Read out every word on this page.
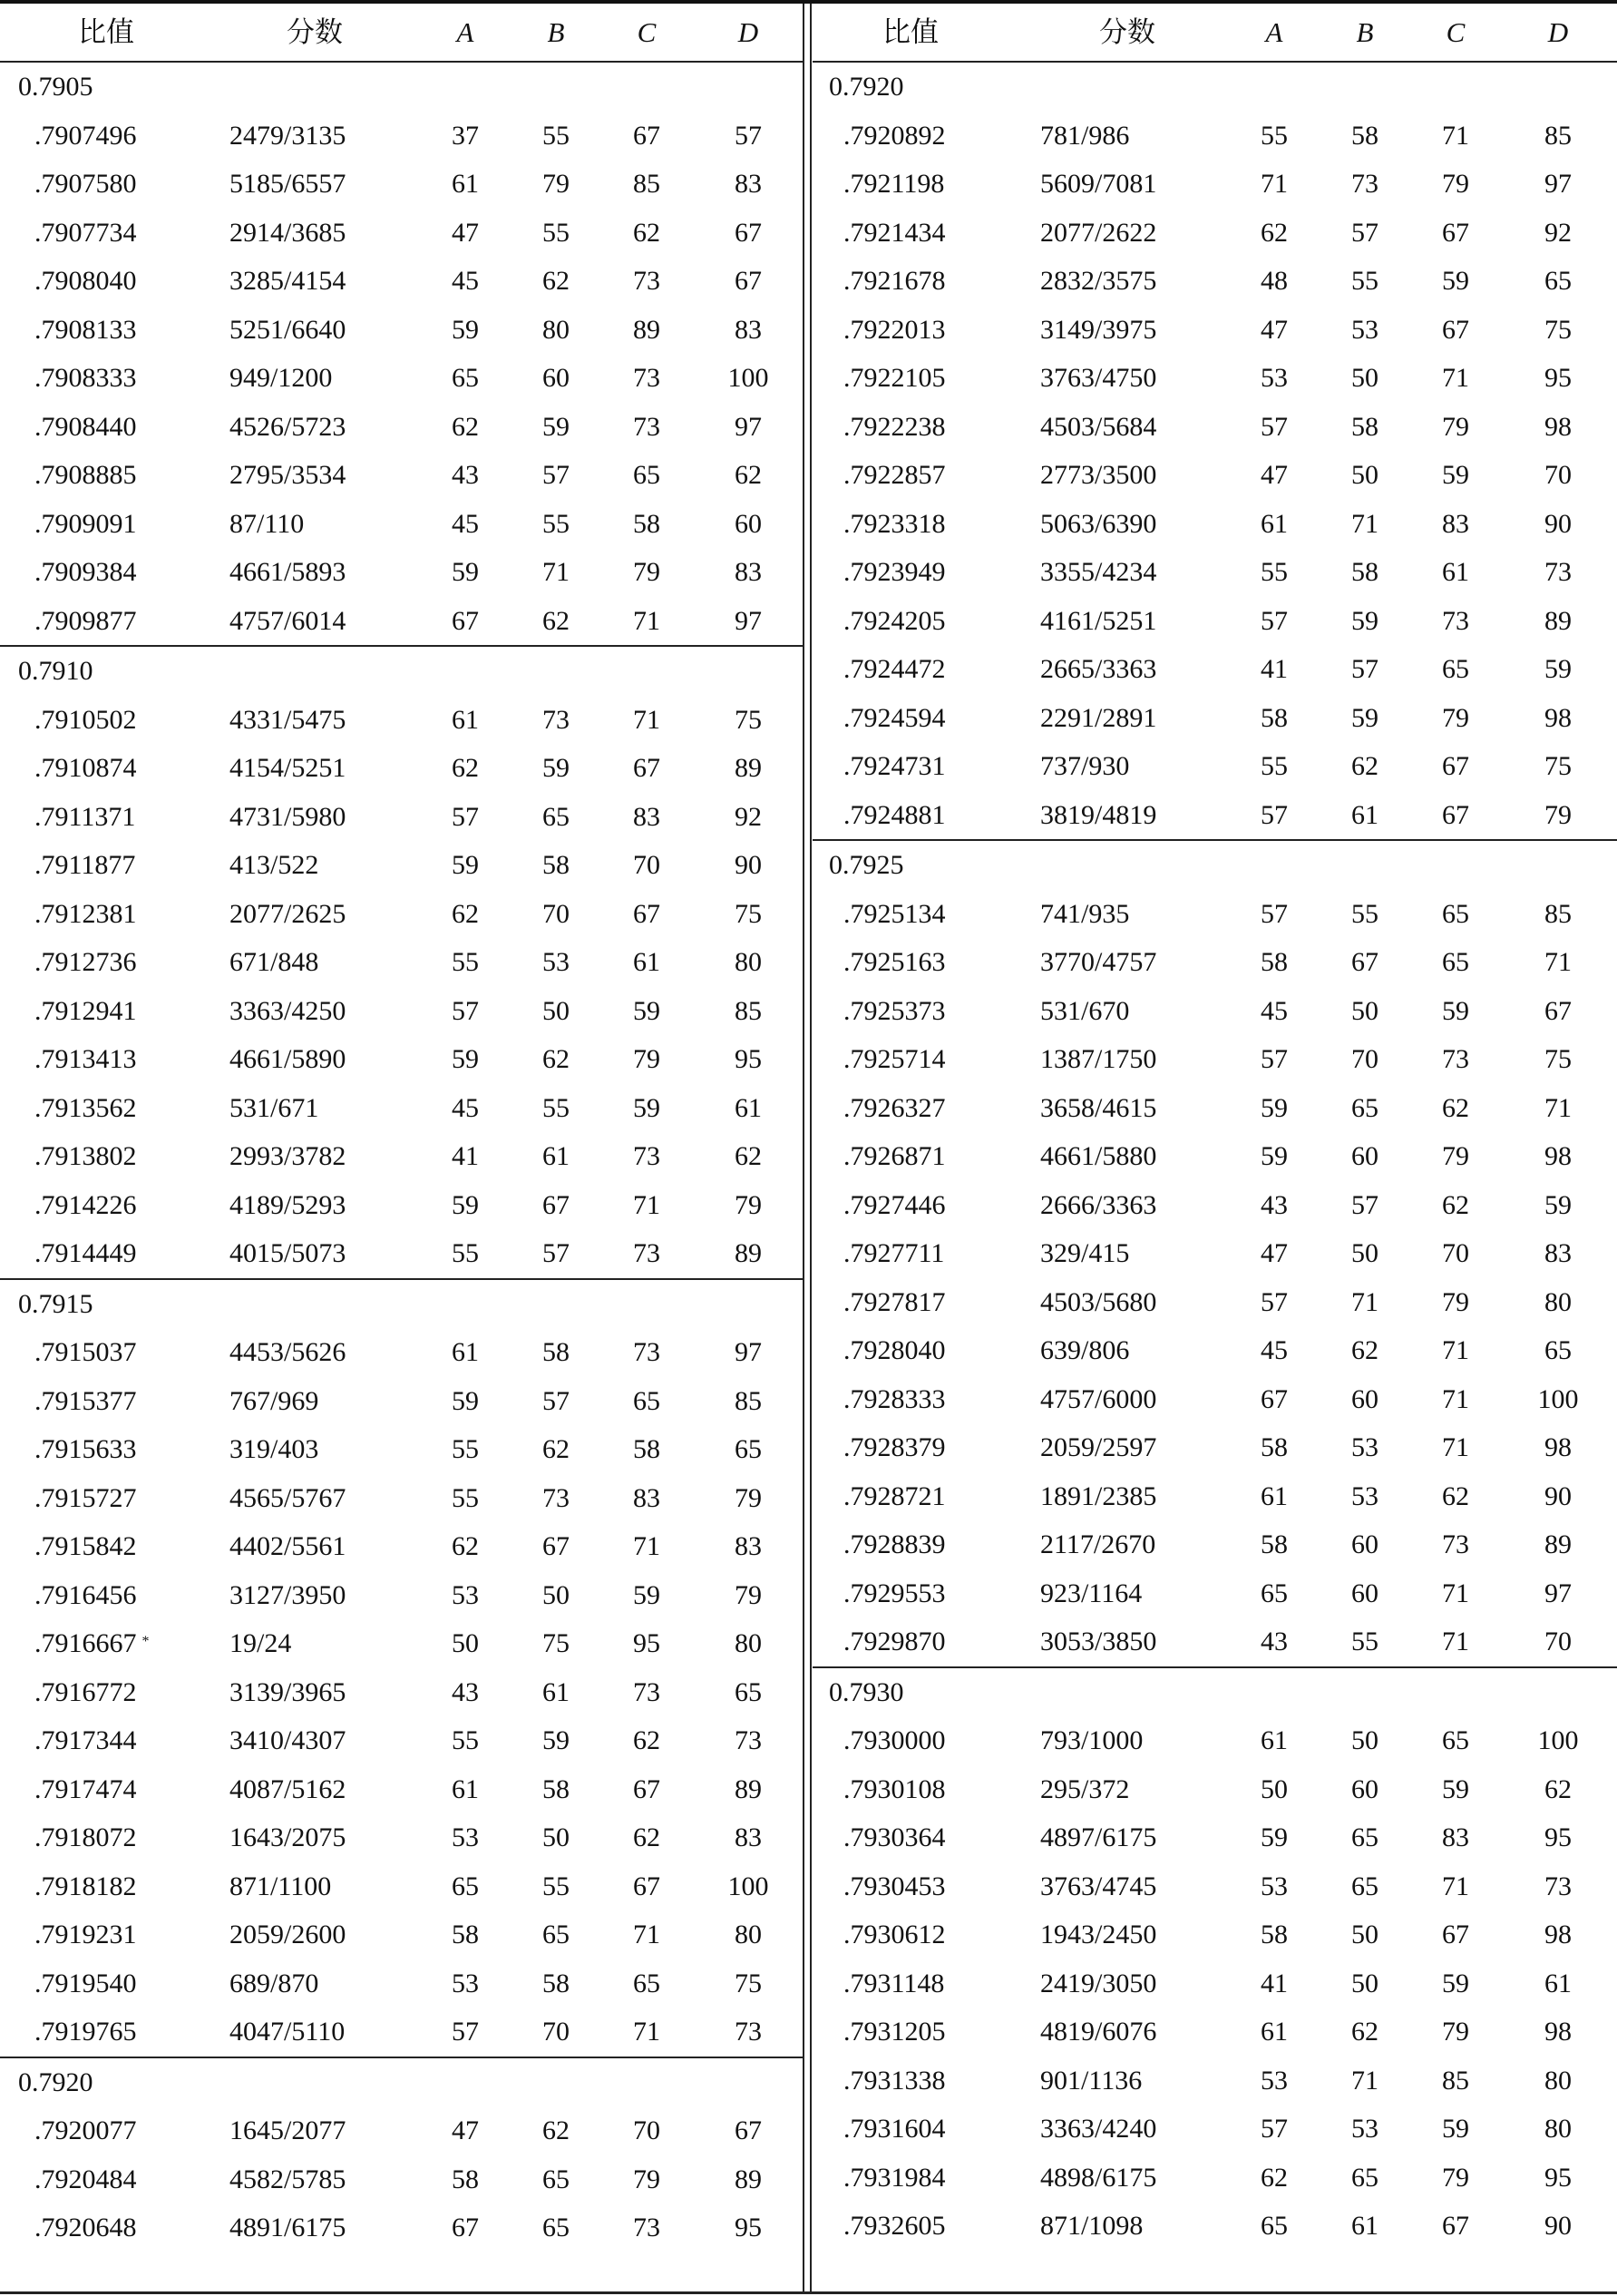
比值	分数	A	B	C	D
0.7905
.7907496	2479/3135	37 55 67	57
.7907580	5185/6557	61 79 85	83
.7907734	2914/3685	47 55 62	67
.7908040	3285/4154	45 62 73	67
.7908133	5251/6640	59 80 89	83
.7908333	949/1200	65 60 73 100
.7908440	4526/5723	62 59 73	97
.7908885	2795/3534	43 57 65	62
.7909091	87/110	45 55 58	60
.7909384	4661/5893	59 71 79	83
.7909877	4757/6014	67 62 71	97
0.7910
.7910502	4331/5475	61 73 71	75
.7910874	4154/5251	62 59 67	89
.7911371	4731/5980	57 65 83	92
.7911877	413/522	59 58 70	90
.7912381	2077/2625	62 70 67	75
.7912736	671/848	55 53 61	80
.7912941	3363/4250	57 50 59	85
.7913413	4661/5890	59 62 79	95
.7913562	531/671	45 55 59	61
.7913802	2993/3782	41 61 73	62
.7914226	4189/5293	59 67 71	79
.7914449	4015/5073	55 57 73	89
0.7915
.7915037	4453/5626	61 58 73	97
.7915377	767/969	59 57 65	85
.7915633	319/403	55 62 58	65
.7915727	4565/5767	55 73 83	79
.7915842	4402/5561	62 67 71	83
.7916456	3127/3950	53 50 59	79
.7916667 *	19/24	50 75 95	80
.7916772	3139/3965	43 61 73	65
.7917344	3410/4307	55 59 62	73
.7917474	4087/5162	61 58 67	89
.7918072	1643/2075	53 50 62	83
.7918182	871/1100	65 55 67 100
.7919231	2059/2600	58 65 71	80
.7919540	689/870	53 58 65	75
.7919765	4047/5110	57 70 71	73
0.7920
.7920077	1645/2077	47 62 70	67
.7920484	4582/5785	58 65 79	89
.7920648	4891/6175	67 65 73	95
比值	分数	A	B	C	D
0.7920
.7920892	781/986	55 58 71	85
.7921198	5609/7081	71 73 79	97
.7921434	2077/2622	62 57 67	92
.7921678	2832/3575	48 55 59	65
.7922013	3149/3975	47 53 67	75
.7922105	3763/4750	53 50 71	95
.7922238	4503/5684	57 58 79	98
.7922857	2773/3500	47 50 59	70
.7923318	5063/6390	61 71 83	90
.7923949	3355/4234	55 58 61	73
.7924205	4161/5251	57 59 73	89
.7924472	2665/3363	41 57 65	59
.7924594	2291/2891	58 59 79	98
.7924731	737/930	55 62 67	75
.7924881	3819/4819	57 61 67	79
0.7925
.7925134	741/935	57 55 65	85
.7925163	3770/4757	58 67 65	71
.7925373	531/670	45 50 59	67
.7925714	1387/1750	57 70 73	75
.7926327	3658/4615	59 65 62	71
.7926871	4661/5880	59 60 79	98
.7927446	2666/3363	43 57 62	59
.7927711	329/415	47 50 70	83
.7927817	4503/5680	57 71 79	80
.7928040	639/806	45 62 71	65
.7928333	4757/6000	67 60 71	100
.7928379	2059/2597	58 53 71	98
.7928721	1891/2385	61 53 62	90
.7928839	2117/2670	58 60 73	89
.7929553	923/1164	65 60 71	97
.7929870	3053/3850	43 55 71	70
0.7930
.7930000	793/1000	61 50 65	100
.7930108	295/372	50 60 59	62
.7930364	4897/6175	59 65 83	95
.7930453	3763/4745	53 65 71	73
.7930612	1943/2450	58 50 67	98
.7931148	2419/3050	41 50 59	61
.7931205	4819/6076	61 62 79	98
.7931338	901/1136	53 71 85	80
.7931604	3363/4240	57 53 59	80
.7931984	4898/6175	62 65 79	95
.7932605	871/1098	65 61 67	90
